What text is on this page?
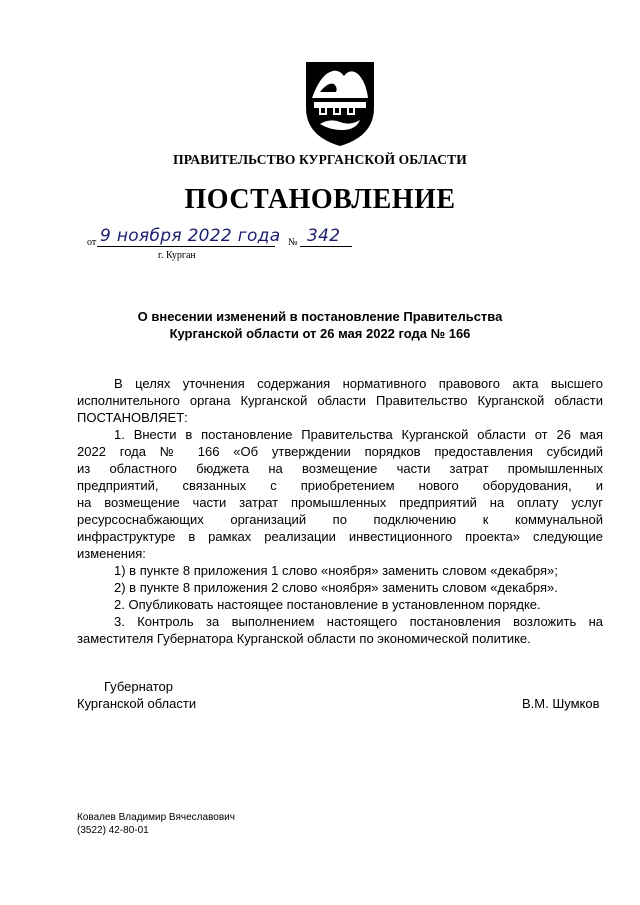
ПРАВИТЕЛЬСТВО КУРГАНСКОЙ ОБЛАСТИ
ПОСТАНОВЛЕНИЕ
от 9 ноября 2022 года № 342
г. Курган
О внесении изменений в постановление Правительства
Курганской области от 26 мая 2022 года № 166
В целях уточнения содержания нормативного правового акта высшего
исполнительного органа Курганской области Правительство Курганской области
ПОСТАНОВЛЯЕТ:
1. Внести в постановление Правительства Курганской области от 26 мая
2022 года № 166 «Об утверждении порядков предоставления субсидий
из областного бюджета на возмещение части затрат промышленных
предприятий, связанных с приобретением нового оборудования, и
на возмещение части затрат промышленных предприятий на оплату услуг
ресурсоснабжающих организаций по подключению к коммунальной
инфраструктуре в рамках реализации инвестиционного проекта» следующие
изменения:
1) в пункте 8 приложения 1 слово «ноября» заменить словом «декабря»;
2) в пункте 8 приложения 2 слово «ноября» заменить словом «декабря».
2. Опубликовать настоящее постановление в установленном порядке.
3. Контроль за выполнением настоящего постановления возложить на
заместителя Губернатора Курганской области по экономической политике.
Губернатор
Курганской области	В.М. Шумков
Ковалев Владимир Вячеславович
(3522) 42-80-01
